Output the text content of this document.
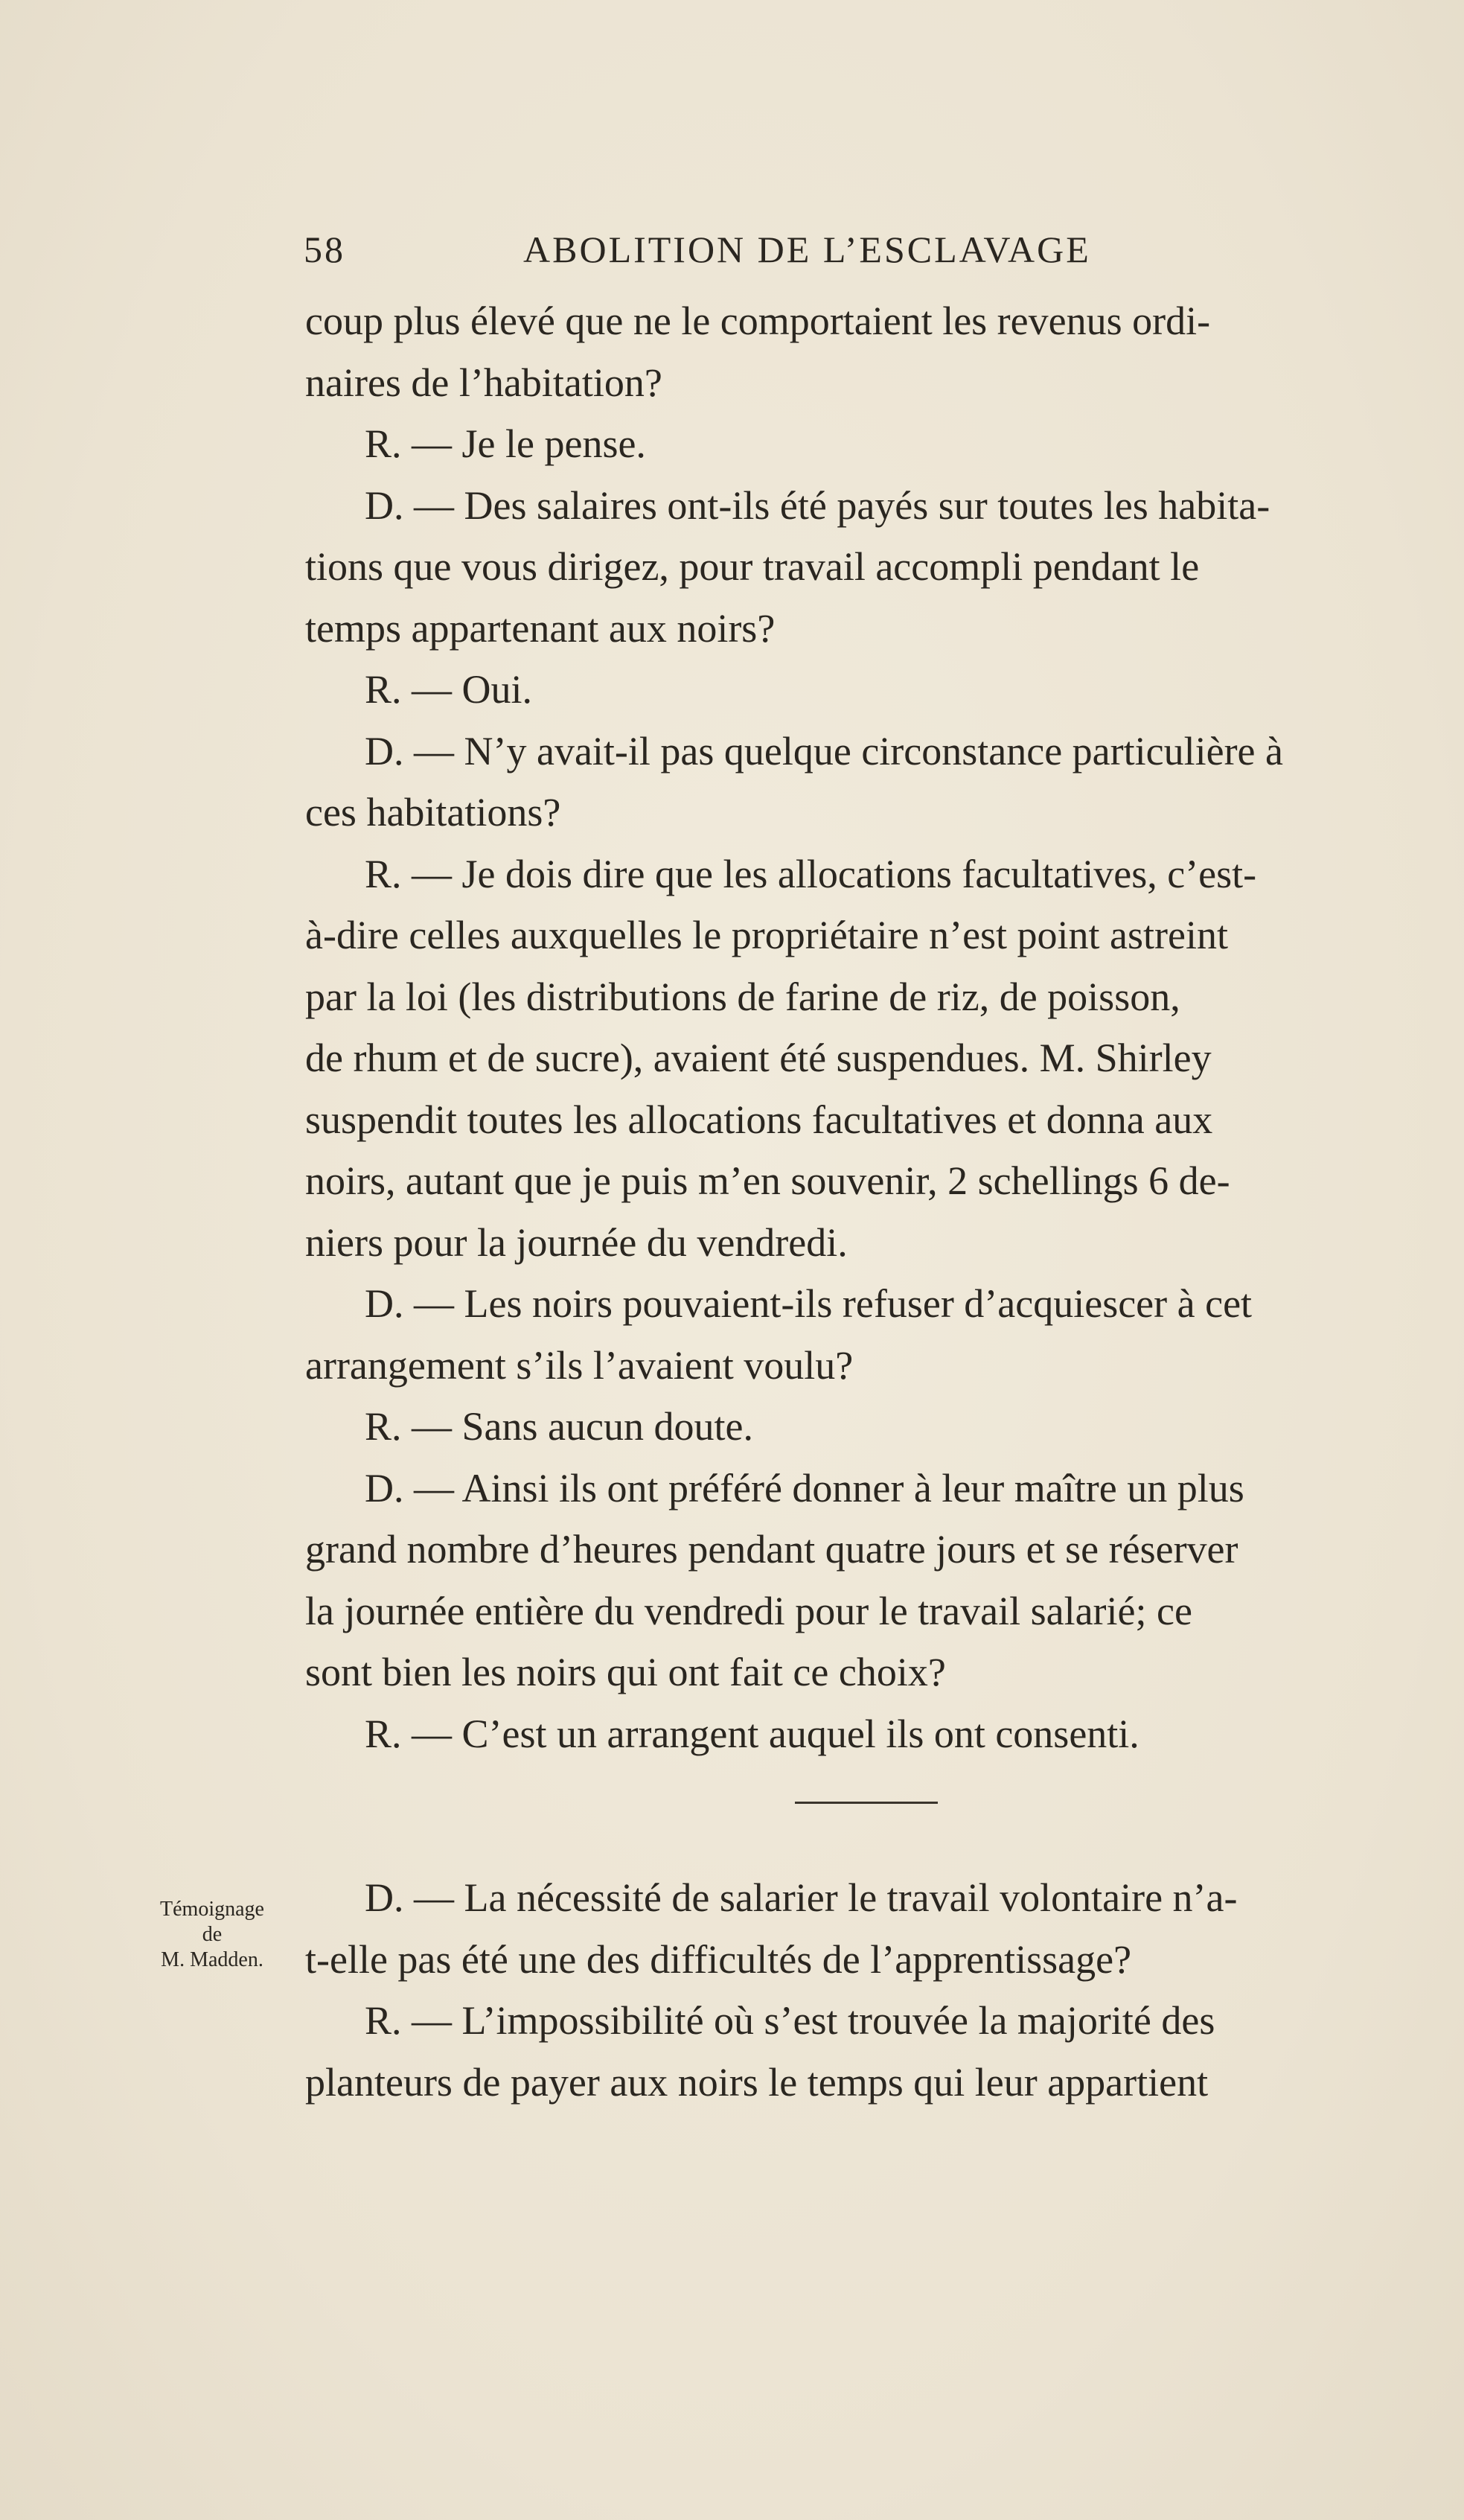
58	ABOLITION DE L’ESCLAVAGE
coup plus élevé que ne le comportaient les revenus ordi-
naires de l’habitation?
R. — Je le pense.
D. — Des salaires ont-ils été payés sur toutes les habita-
tions que vous dirigez, pour travail accompli pendant le
temps appartenant aux noirs?
R. — Oui.
D. — N’y avait-il pas quelque circonstance particulière à
ces habitations?
R. — Je dois dire que les allocations facultatives, c’est-
à-dire celles auxquelles le propriétaire n’est point astreint
par la loi (les distributions de farine de riz, de poisson,
de rhum et de sucre), avaient été suspendues. M. Shirley
suspendit toutes les allocations facultatives et donna aux
noirs, autant que je puis m’en souvenir, 2 schellings 6 de-
niers pour la journée du vendredi.
D. — Les noirs pouvaient-ils refuser d’acquiescer à cet
arrangement s’ils l’avaient voulu?
R. — Sans aucun doute.
D. — Ainsi ils ont préféré donner à leur maître un plus
grand nombre d’heures pendant quatre jours et se réserver
la journée entière du vendredi pour le travail salarié; ce
sont bien les noirs qui ont fait ce choix?
R. — C’est un arrangent auquel ils ont consenti.
Témoignage
de
M. Madden.
D. — La nécessité de salarier le travail volontaire n’a-
t-elle pas été une des difficultés de l’apprentissage?
R. — L’impossibilité où s’est trouvée la majorité des
planteurs de payer aux noirs le temps qui leur appartient
